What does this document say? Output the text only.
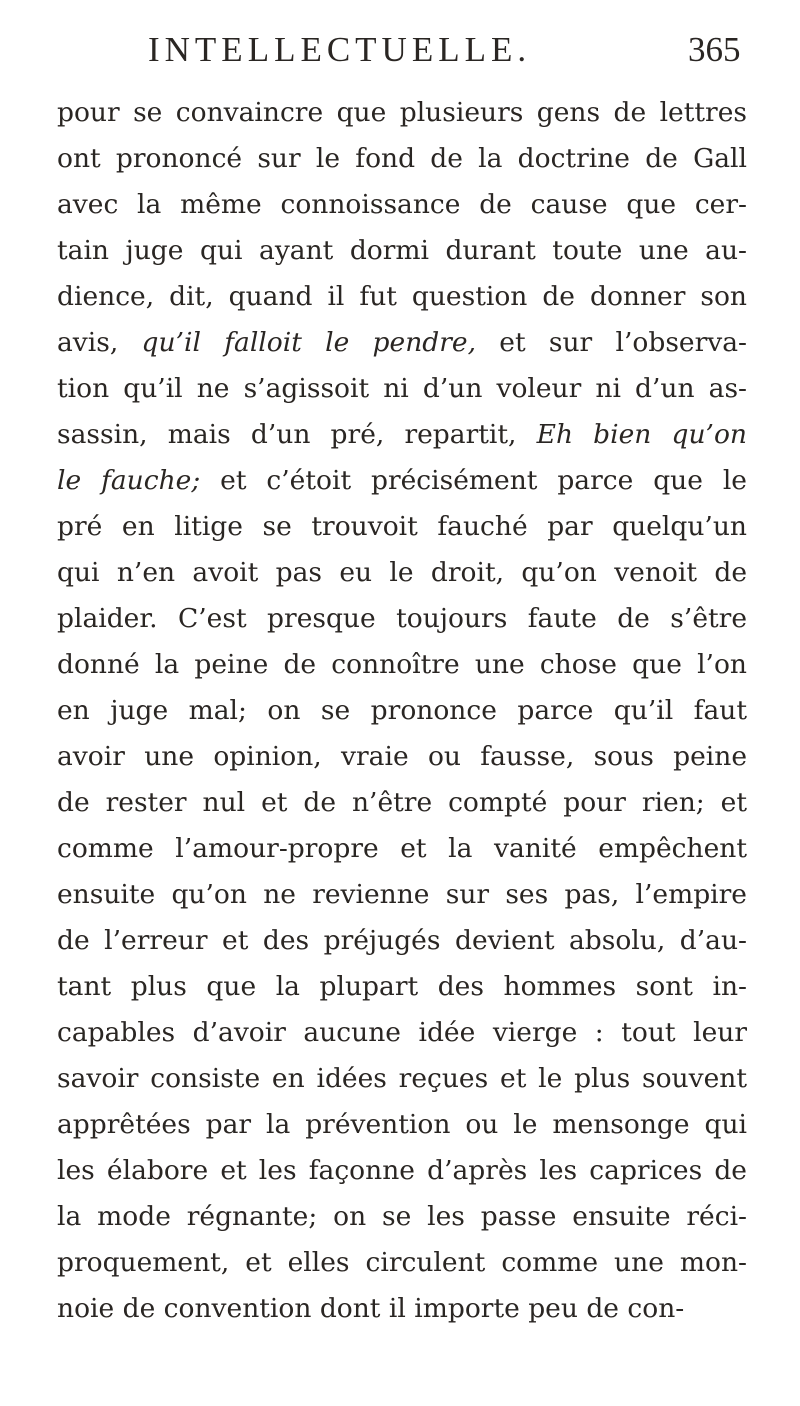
INTELLECTUELLE.	365
pour se convaincre que plusieurs gens de lettres
ont prononcé sur le fond de la doctrine de Gall
avec la même connoissance de cause que cer-
tain juge qui ayant dormi durant toute une au-
dience, dit, quand il fut question de donner son
avis, qu’il falloit le pendre, et sur l’observa-
tion qu’il ne s’agissoit ni d’un voleur ni d’un as-
sassin, mais d’un pré, repartit, Eh bien qu’on
le fauche; et c’étoit précisément parce que le
pré en litige se trouvoit fauché par quelqu’un
qui n’en avoit pas eu le droit, qu’on venoit de
plaider. C’est presque toujours faute de s’être
donné la peine de connoître une chose que l’on
en juge mal; on se prononce parce qu’il faut
avoir une opinion, vraie ou fausse, sous peine
de rester nul et de n’être compté pour rien; et
comme l’amour-propre et la vanité empêchent
ensuite qu’on ne revienne sur ses pas, l’empire
de l’erreur et des préjugés devient absolu, d’au-
tant plus que la plupart des hommes sont in-
capables d’avoir aucune idée vierge : tout leur
savoir consiste en idées reçues et le plus souvent
apprêtées par la prévention ou le mensonge qui
les élabore et les façonne d’après les caprices de
la mode régnante; on se les passe ensuite réci-
proquement, et elles circulent comme une mon-
noie de convention dont il importe peu de con-
